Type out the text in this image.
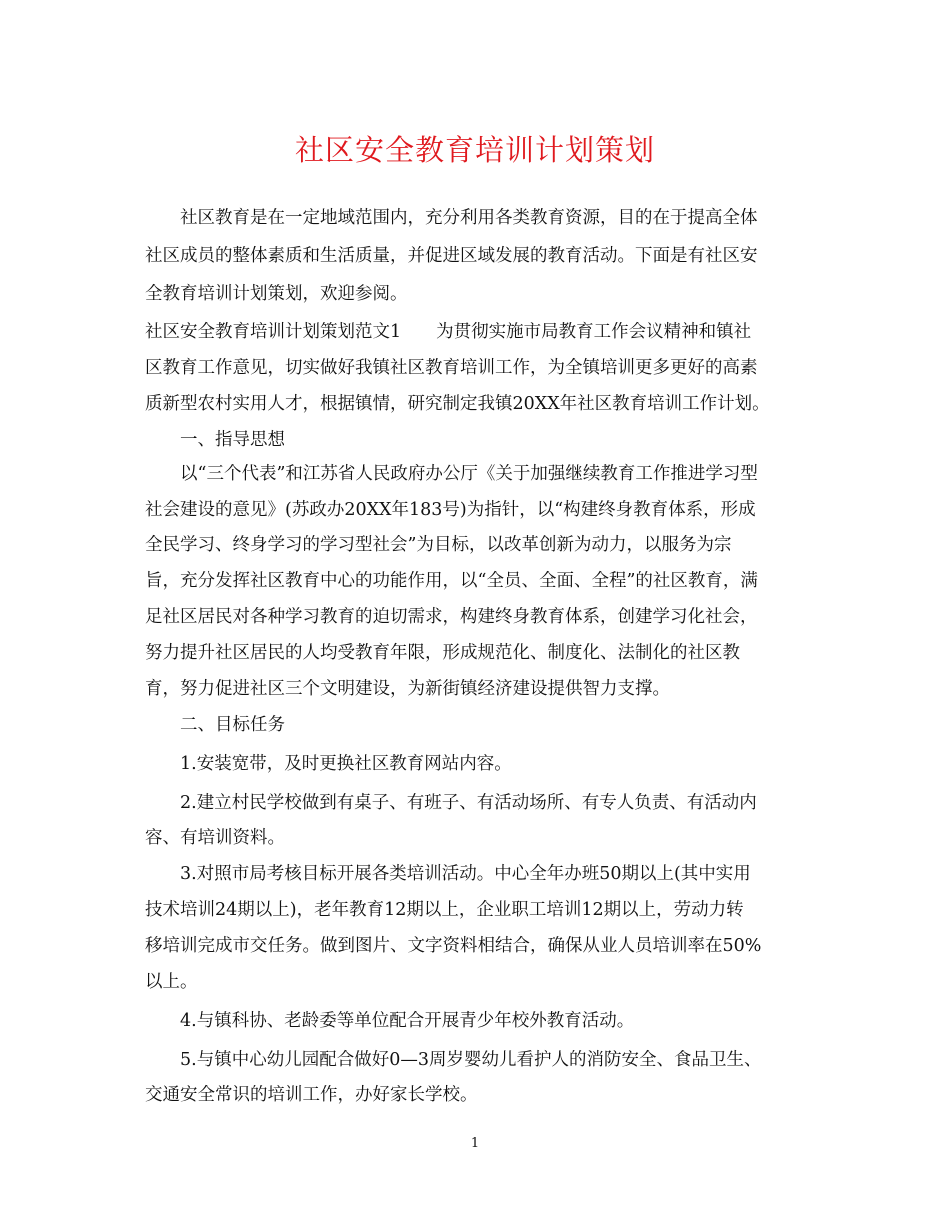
社区安全教育培训计划策划

　　社区教育是在一定地域范围内，充分利用各类教育资源，目的在于提高全体

社区成员的整体素质和生活质量，并促进区域发展的教育活动。下面是有社区安

全教育培训计划策划，欢迎参阅。

社区安全教育培训计划策划范文1　　为贯彻实施市局教育工作会议精神和镇社

区教育工作意见，切实做好我镇社区教育培训工作，为全镇培训更多更好的高素

质新型农村实用人才，根据镇情，研究制定我镇20XX年社区教育培训工作计划。

　　一、指导思想

　　以“三个代表”和江苏省人民政府办公厅《关于加强继续教育工作推进学习型

社会建设的意见》(苏政办20XX年183号)为指针，以“构建终身教育体系，形成

全民学习、终身学习的学习型社会”为目标，以改革创新为动力，以服务为宗

旨，充分发挥社区教育中心的功能作用，以“全员、全面、全程”的社区教育，满

足社区居民对各种学习教育的迫切需求，构建终身教育体系，创建学习化社会，

努力提升社区居民的人均受教育年限，形成规范化、制度化、法制化的社区教

育，努力促进社区三个文明建设，为新街镇经济建设提供智力支撑。

　　二、目标任务

　　1.安装宽带，及时更换社区教育网站内容。

　　2.建立村民学校做到有桌子、有班子、有活动场所、有专人负责、有活动内

容、有培训资料。

　　3.对照市局考核目标开展各类培训活动。中心全年办班50期以上(其中实用

技术培训24期以上)，老年教育12期以上，企业职工培训12期以上，劳动力转

移培训完成市交任务。做到图片、文字资料相结合，确保从业人员培训率在50%

以上。

　　4.与镇科协、老龄委等单位配合开展青少年校外教育活动。

　　5.与镇中心幼儿园配合做好0—3周岁婴幼儿看护人的消防安全、食品卫生、

交通安全常识的培训工作，办好家长学校。

1
